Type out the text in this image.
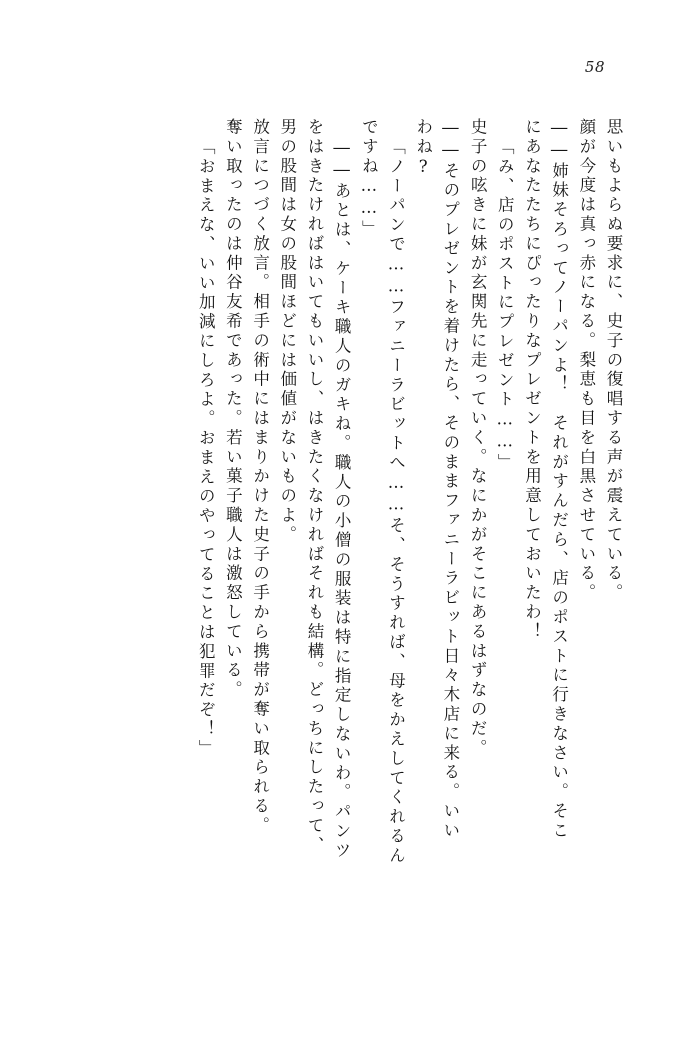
58
思いもよらぬ要求に、史子の復唱する声が震えている。
顔が今度は真っ赤になる。梨恵も目を白黒させている。
――姉妹そろってノーパンよ！　それがすんだら、店のポストに行きなさい。そこ
にあなたたちにぴったりなプレゼントを用意しておいたわ！
「み、店のポストにプレゼント……」
史子の呟きに妹が玄関先に走っていく。なにかがそこにあるはずなのだ。
――そのプレゼントを着けたら、そのままファニーラビット日々木店に来る。いい
わね?
「ノーパンで……ファニーラビットへ……そ、そうすれば、母をかえしてくれるん
ですね……」
――あとは、ケーキ職人のガキね。職人の小僧の服装は特に指定しないわ。パンツ
をはきたければはいてもいいし、はきたくなければそれも結構。どっちにしたって、
男の股間は女の股間ほどには価値がないものよ。
放言につづく放言。相手の術中にはまりかけた史子の手から携帯が奪い取られる。
奪い取ったのは仲谷友希であった。若い菓子職人は激怒している。
「おまえな、いい加減にしろよ。おまえのやってることは犯罪だぞ！」
